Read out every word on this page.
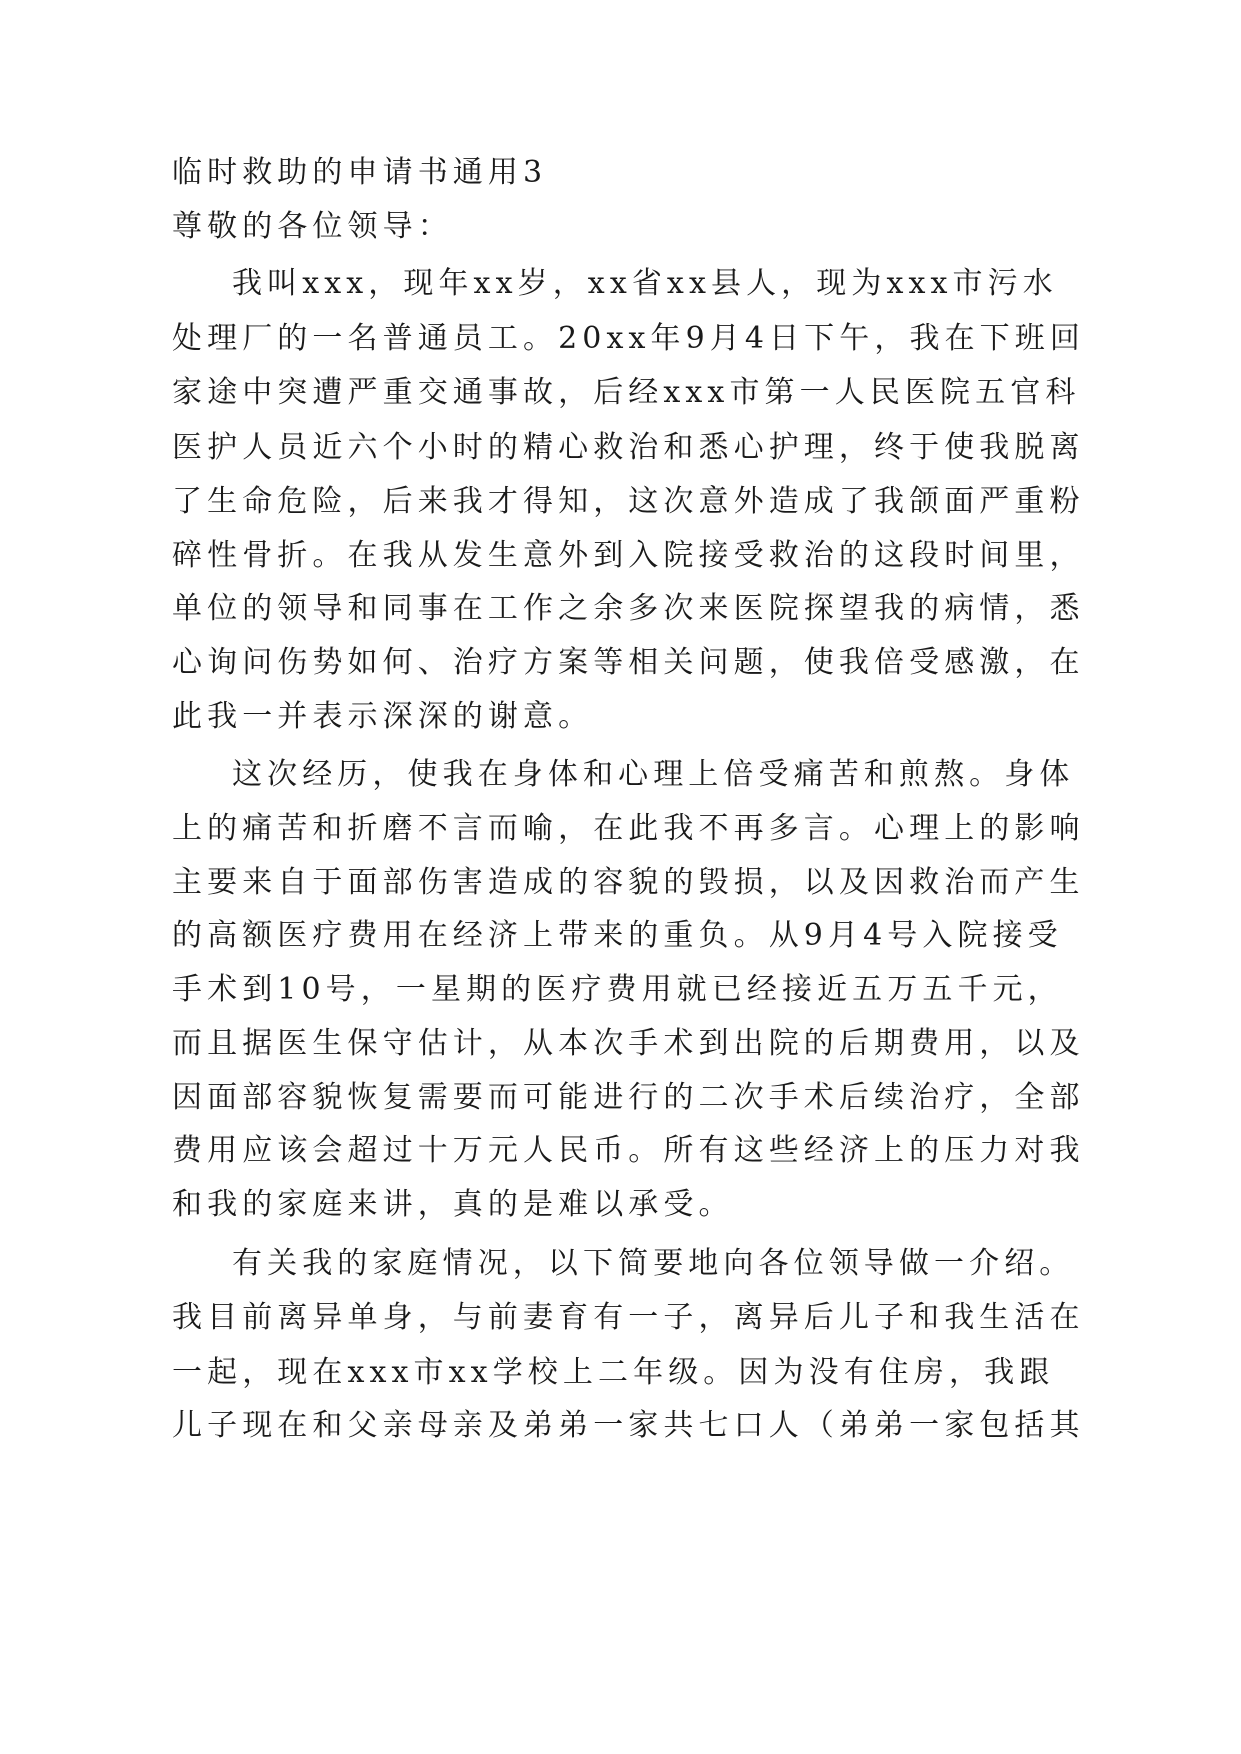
临时救助的申请书通用3
尊敬的各位领导：
我叫xxx，现年xx岁，xx省xx县人，现为xxx市污水
处理厂的一名普通员工。20xx年9月4日下午，我在下班回
家途中突遭严重交通事故，后经xxx市第一人民医院五官科
医护人员近六个小时的精心救治和悉心护理，终于使我脱离
了生命危险，后来我才得知，这次意外造成了我颌面严重粉
碎性骨折。在我从发生意外到入院接受救治的这段时间里，
单位的领导和同事在工作之余多次来医院探望我的病情，悉
心询问伤势如何、治疗方案等相关问题，使我倍受感激，在
此我一并表示深深的谢意。
这次经历，使我在身体和心理上倍受痛苦和煎熬。身体
上的痛苦和折磨不言而喻，在此我不再多言。心理上的影响
主要来自于面部伤害造成的容貌的毁损，以及因救治而产生
的高额医疗费用在经济上带来的重负。从9月4号入院接受
手术到10号，一星期的医疗费用就已经接近五万五千元，
而且据医生保守估计，从本次手术到出院的后期费用，以及
因面部容貌恢复需要而可能进行的二次手术后续治疗，全部
费用应该会超过十万元人民币。所有这些经济上的压力对我
和我的家庭来讲，真的是难以承受。
有关我的家庭情况，以下简要地向各位领导做一介绍。
我目前离异单身，与前妻育有一子，离异后儿子和我生活在
一起，现在xxx市xx学校上二年级。因为没有住房，我跟
儿子现在和父亲母亲及弟弟一家共七口人（弟弟一家包括其
